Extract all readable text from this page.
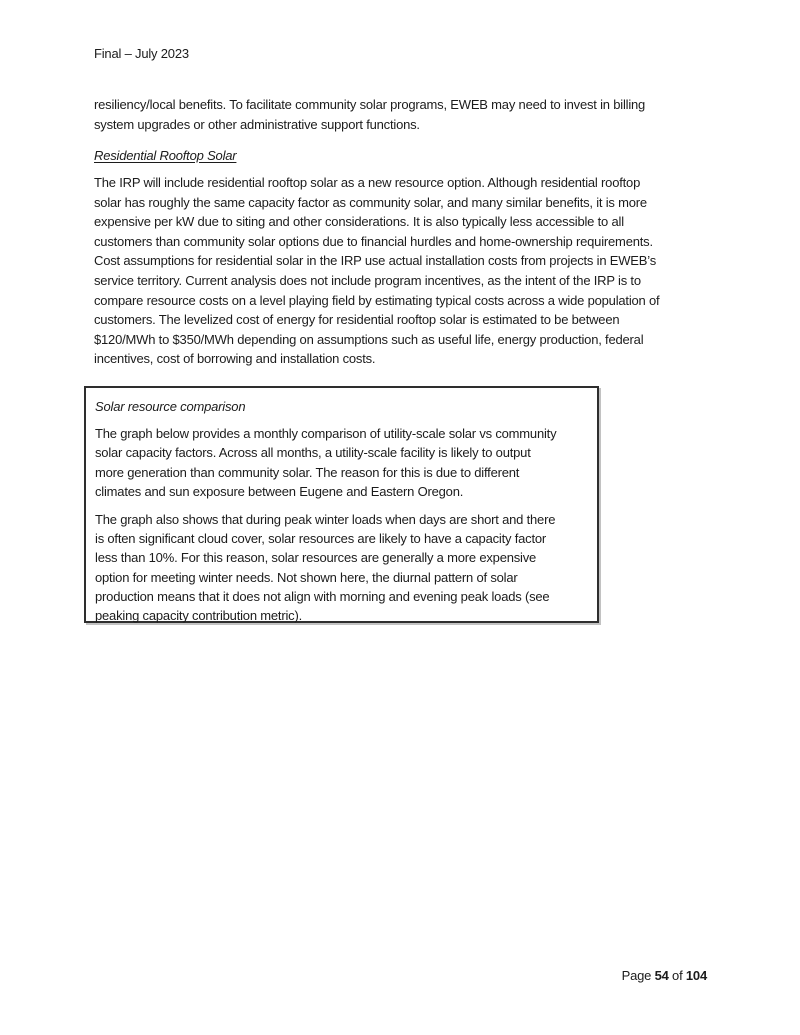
Final – July 2023
resiliency/local benefits. To facilitate community solar programs, EWEB may need to invest in billing
system upgrades or other administrative support functions.
Residential Rooftop Solar
The IRP will include residential rooftop solar as a new resource option. Although residential rooftop
solar has roughly the same capacity factor as community solar, and many similar benefits, it is more
expensive per kW due to siting and other considerations. It is also typically less accessible to all
customers than community solar options due to financial hurdles and home-ownership requirements.
Cost assumptions for residential solar in the IRP use actual installation costs from projects in EWEB’s
service territory. Current analysis does not include program incentives, as the intent of the IRP is to
compare resource costs on a level playing field by estimating typical costs across a wide population of
customers. The levelized cost of energy for residential rooftop solar is estimated to be between
$120/MWh to $350/MWh depending on assumptions such as useful life, energy production, federal
incentives, cost of borrowing and installation costs.
Solar resource comparison
The graph below provides a monthly comparison of utility-scale solar vs community
solar capacity factors. Across all months, a utility-scale facility is likely to output
more generation than community solar. The reason for this is due to different
climates and sun exposure between Eugene and Eastern Oregon.
The graph also shows that during peak winter loads when days are short and there
is often significant cloud cover, solar resources are likely to have a capacity factor
less than 10%. For this reason, solar resources are generally a more expensive
option for meeting winter needs. Not shown here, the diurnal pattern of solar
production means that it does not align with morning and evening peak loads (see
peaking capacity contribution metric).
Page 54 of 104
